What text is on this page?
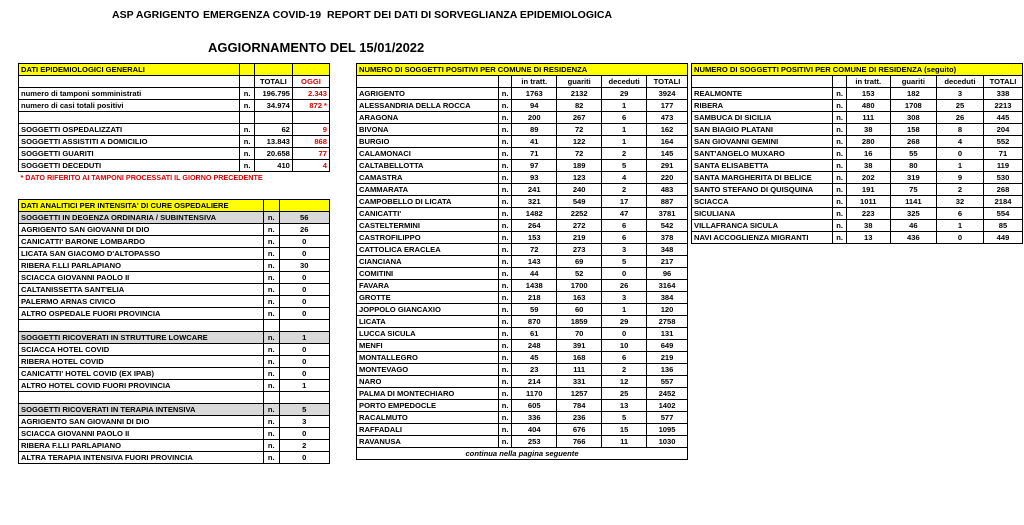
ASP AGRIGENTO EMERGENZA COVID-19 REPORT DEI DATI DI SORVEGLIANZA EPIDEMIOLOGICA
AGGIORNAMENTO DEL 15/01/2022
DATI EPIDEMIOLOGICI GENERALI			
		TOTALI	OGGI
numero di tamponi somministrati	n.	196.795	2.343
numero di casi totali positivi	n.	34.974	872 *

SOGGETTI OSPEDALIZZATI	n.	62	9
SOGGETTI ASSISTITI A DOMICILIO	n.	13.843	868
SOGGETTI GUARITI	n.	20.658	77
SOGGETTI DECEDUTI	n.	410	4
* DATO RIFERITO AI TAMPONI PROCESSATI IL GIORNO PRECEDENTE			
DATI ANALITICI PER INTENSITA' DI CURE OSPEDALIERE		
SOGGETTI IN DEGENZA ORDINARIA / SUBINTENSIVA	n.	56
AGRIGENTO SAN GIOVANNI DI DIO	n.	26
CANICATTI' BARONE LOMBARDO	n.	0
LICATA SAN GIACOMO D'ALTOPASSO	n.	0
RIBERA F.LLI PARLAPIANO	n.	30
SCIACCA GIOVANNI PAOLO II	n.	0
CALTANISSETTA SANT'ELIA	n.	0
PALERMO ARNAS CIVICO	n.	0
ALTRO OSPEDALE FUORI PROVINCIA	n.	0

SOGGETTI RICOVERATI IN STRUTTURE LOWCARE	n.	1
SCIACCA HOTEL COVID	n.	0
RIBERA HOTEL COVID	n.	0
CANICATTI' HOTEL COVID (EX IPAB)	n.	0
ALTRO HOTEL COVID FUORI PROVINCIA	n.	1

SOGGETTI RICOVERATI IN TERAPIA INTENSIVA	n.	5
AGRIGENTO SAN GIOVANNI DI DIO	n.	3
SCIACCA GIOVANNI PAOLO II	n.	0
RIBERA F.LLI PARLAPIANO	n.	2
ALTRA TERAPIA INTENSIVA FUORI PROVINCIA	n.	0
NUMERO DI SOGGETTI POSITIVI PER COMUNE DI RESIDENZA					
		in tratt.	guariti	deceduti	TOTALI
AGRIGENTO	n.	1763	2132	29	3924
ALESSANDRIA DELLA ROCCA	n.	94	82	1	177
ARAGONA	n.	200	267	6	473
BIVONA	n.	89	72	1	162
BURGIO	n.	41	122	1	164
CALAMONACI	n.	71	72	2	145
CALTABELLOTTA	n.	97	189	5	291
CAMASTRA	n.	93	123	4	220
CAMMARATA	n.	241	240	2	483
CAMPOBELLO DI LICATA	n.	321	549	17	887
CANICATTI'	n.	1482	2252	47	3781
CASTELTERMINI	n.	264	272	6	542
CASTROFILIPPO	n.	153	219	6	378
CATTOLICA ERACLEA	n.	72	273	3	348
CIANCIANA	n.	143	69	5	217
COMITINI	n.	44	52	0	96
FAVARA	n.	1438	1700	26	3164
GROTTE	n.	218	163	3	384
JOPPOLO GIANCAXIO	n.	59	60	1	120
LICATA	n.	870	1859	29	2758
LUCCA SICULA	n.	61	70	0	131
MENFI	n.	248	391	10	649
MONTALLEGRO	n.	45	168	6	219
MONTEVAGO	n.	23	111	2	136
NARO	n.	214	331	12	557
PALMA DI MONTECHIARO	n.	1170	1257	25	2452
PORTO EMPEDOCLE	n.	605	784	13	1402
RACALMUTO	n.	336	236	5	577
RAFFADALI	n.	404	676	15	1095
RAVANUSA	n.	253	766	11	1030
continua nella pagina seguente					
NUMERO DI SOGGETTI POSITIVI PER COMUNE DI RESIDENZA (seguito)					
		in tratt.	guariti	deceduti	TOTALI
REALMONTE	n.	153	182	3	338
RIBERA	n.	480	1708	25	2213
SAMBUCA DI SICILIA	n.	111	308	26	445
SAN BIAGIO PLATANI	n.	38	158	8	204
SAN GIOVANNI GEMINI	n.	280	268	4	552
SANT'ANGELO MUXARO	n.	16	55	0	71
SANTA ELISABETTA	n.	38	80	1	119
SANTA MARGHERITA DI BELICE	n.	202	319	9	530
SANTO STEFANO DI QUISQUINA	n.	191	75	2	268
SCIACCA	n.	1011	1141	32	2184
SICULIANA	n.	223	325	6	554
VILLAFRANCA SICULA	n.	38	46	1	85
NAVI ACCOGLIENZA MIGRANTI	n.	13	436	0	449
